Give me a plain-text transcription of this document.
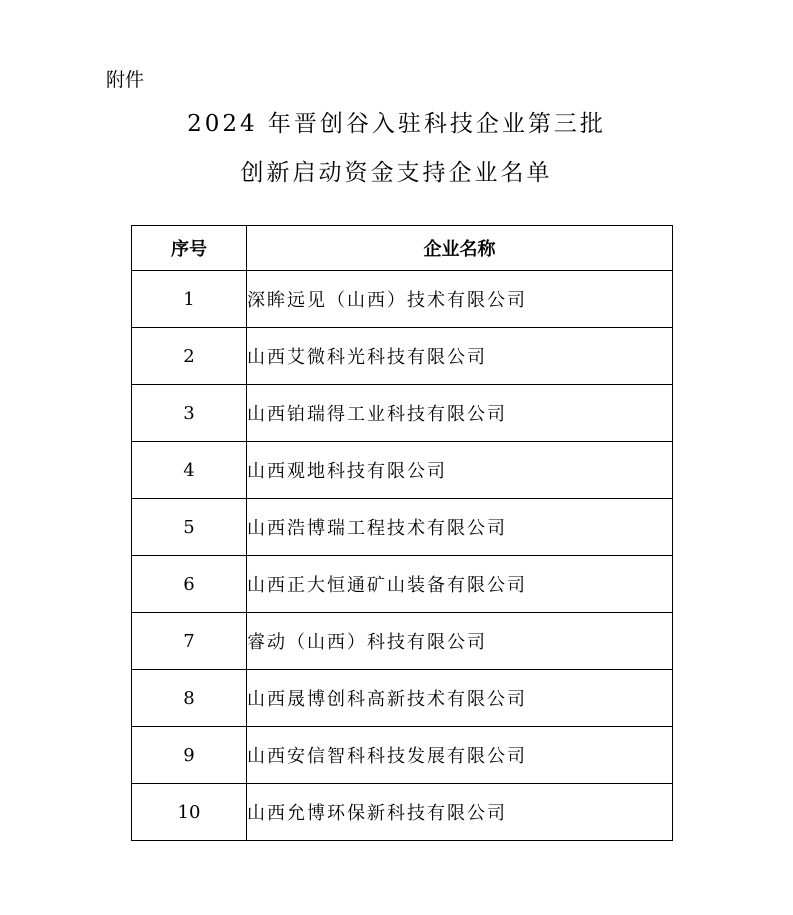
附件
2024 年晋创谷入驻科技企业第三批
创新启动资金支持企业名单
序号	企业名称
1	深眸远见（山西）技术有限公司
2	山西艾微科光科技有限公司
3	山西铂瑞得工业科技有限公司
4	山西观地科技有限公司
5	山西浩博瑞工程技术有限公司
6	山西正大恒通矿山装备有限公司
7	睿动（山西）科技有限公司
8	山西晟博创科高新技术有限公司
9	山西安信智科科技发展有限公司
10	山西允博环保新科技有限公司
